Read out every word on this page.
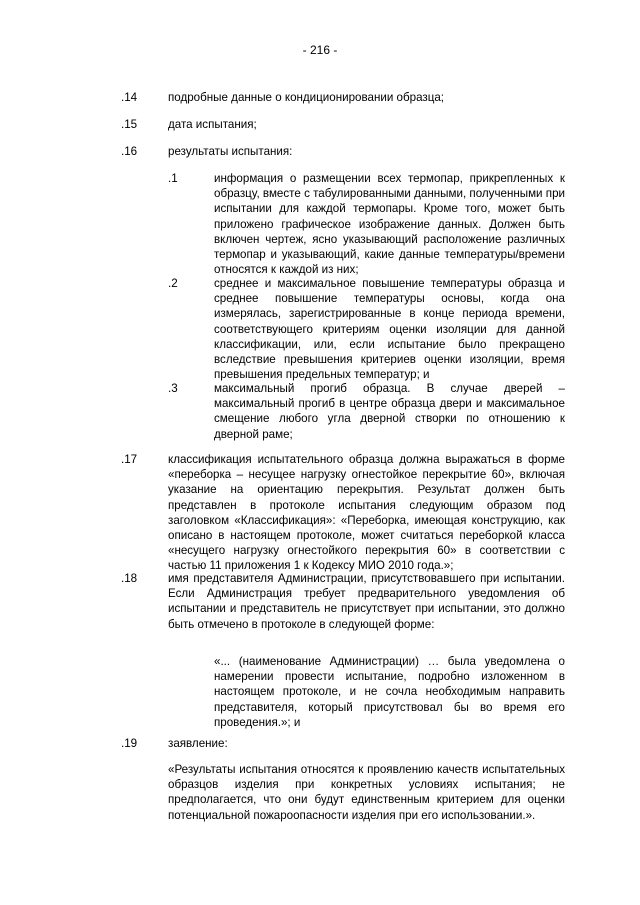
- 216 -
.14	подробные данные о кондиционировании образца;
.15	дата испытания;
.16	результаты испытания:
.1	информация о размещении всех термопар, прикрепленных к образцу, вместе с табулированными данными, полученными при испытании для каждой термопары. Кроме того, может быть приложено графическое изображение данных. Должен быть включен чертеж, ясно указывающий расположение различных термопар и указывающий, какие данные температуры/времени относятся к каждой из них;
.2	среднее и максимальное повышение температуры образца и среднее повышение температуры основы, когда она измерялась, зарегистрированные в конце периода времени, соответствующего критериям оценки изоляции для данной классификации, или, если испытание было прекращено вследствие превышения критериев оценки изоляции, время превышения предельных температур; и
.3	максимальный прогиб образца. В случае дверей – максимальный прогиб в центре образца двери и максимальное смещение любого угла дверной створки по отношению к дверной раме;
.17	классификация испытательного образца должна выражаться в форме «переборка – несущее нагрузку огнестойкое перекрытие 60», включая указание на ориентацию перекрытия. Результат должен быть представлен в протоколе испытания следующим образом под заголовком «Классификация»: «Переборка, имеющая конструкцию, как описано в настоящем протоколе, может считаться переборкой класса «несущего нагрузку огнестойкого перекрытия 60» в соответствии с частью 11 приложения 1 к Кодексу МИО 2010 года.»;
.18	имя представителя Администрации, присутствовавшего при испытании. Если Администрация требует предварительного уведомления об испытании и представитель не присутствует при испытании, это должно быть отмечено в протоколе в следующей форме:
«... (наименование Администрации) … была уведомлена о намерении провести испытание, подробно изложенном в настоящем протоколе, и не сочла необходимым направить представителя, который присутствовал бы во время его проведения.»; и
.19	заявление:
«Результаты испытания относятся к проявлению качеств испытательных образцов изделия при конкретных условиях испытания; не предполагается, что они будут единственным критерием для оценки потенциальной пожароопасности изделия при его использовании.».
